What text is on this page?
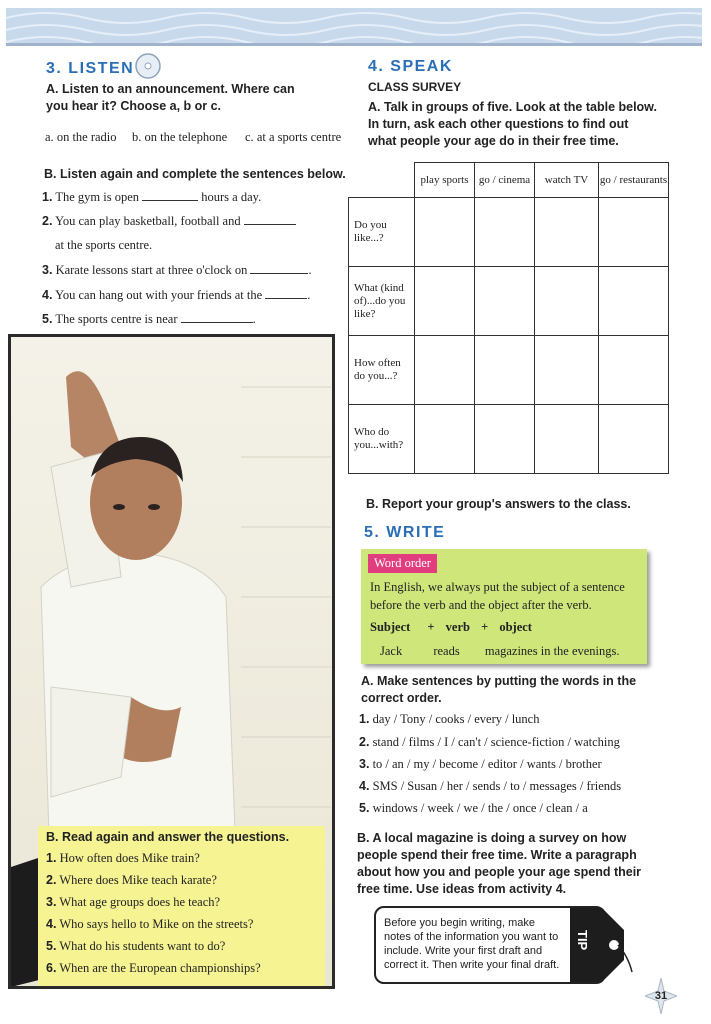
3. LISTEN
A. Listen to an announcement. Where can you hear it? Choose a, b or c.
a. on the radio b. on the telephone c. at a sports centre
B. Listen again and complete the sentences below.
1. The gym is open	hours a day.
2. You can play basketball, football and
at the sports centre.
3. Karate lessons start at three o'clock on	.
4. You can hang out with your friends at the	.
5. The sports centre is near	.
B. Read again and answer the questions.
1. How often does Mike train?
2. Where does Mike teach karate?
3. What age groups does he teach?
4. Who says hello to Mike on the streets?
5. What do his students want to do?
6. When are the European championships?
4. SPEAK
CLASS SURVEY
A. Talk in groups of five. Look at the table below. In turn, ask each other questions to find out what people your age do in their free time.
	play sports	go / cinema	watch TV	go / restaurants
Do you like...?				
What (kind of)...do you like?				
How often do you...?				
Who do you...with?				
B. Report your group's answers to the class.
5. WRITE
In English, we always put the subject of a sentence before the verb and the object after the verb.
Subject + verb + object
Jack reads magazines in the evenings.
Word order
A. Make sentences by putting the words in the correct order.
1. day / Tony / cooks / every / lunch
2. stand / films / I / can't / science-fiction / watching
3. to / an / my / become / editor / wants / brother
4. SMS / Susan / her / sends / to / messages / friends
5. windows / week / we / the / once / clean / a
B. A local magazine is doing a survey on how people spend their free time. Write a paragraph about how you and people your age spend their free time. Use ideas from activity 4.
Before you begin writing, make notes of the information you want to include. Write your first draft and correct it. Then write your final draft.
TIP
31
